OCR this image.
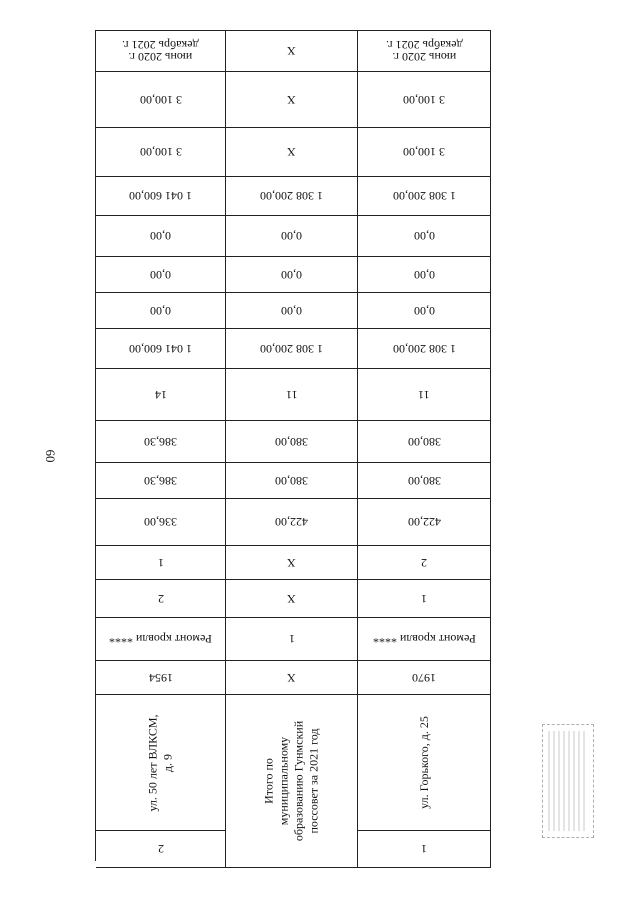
60
июнь 2020 г.
декабрь 2021 г.
3 100,00
3 100,00
1 041 600,00
0,00
0,00
0,00
1 041 600,00
14
386,30
386,30
336,00
1
2
Ремонт кровли ****
1954
ул. 50 лет ВЛКСМ,
д. 9
2
Х
Х
Х
1 308 200,00
0,00
0,00
0,00
1 308 200,00
11
380,00
380,00
422,00
Х
Х
1
Х
Итого по муниципальному
образованию Гунмский
поссовет за 2021 год
июнь 2020 г.
декабрь 2021 г.
3 100,00
3 100,00
1 308 200,00
0,00
0,00
0,00
1 308 200,00
11
380,00
380,00
422,00
2
1
Ремонт кровли ****
1970
ул. Горького, д. 25
1
